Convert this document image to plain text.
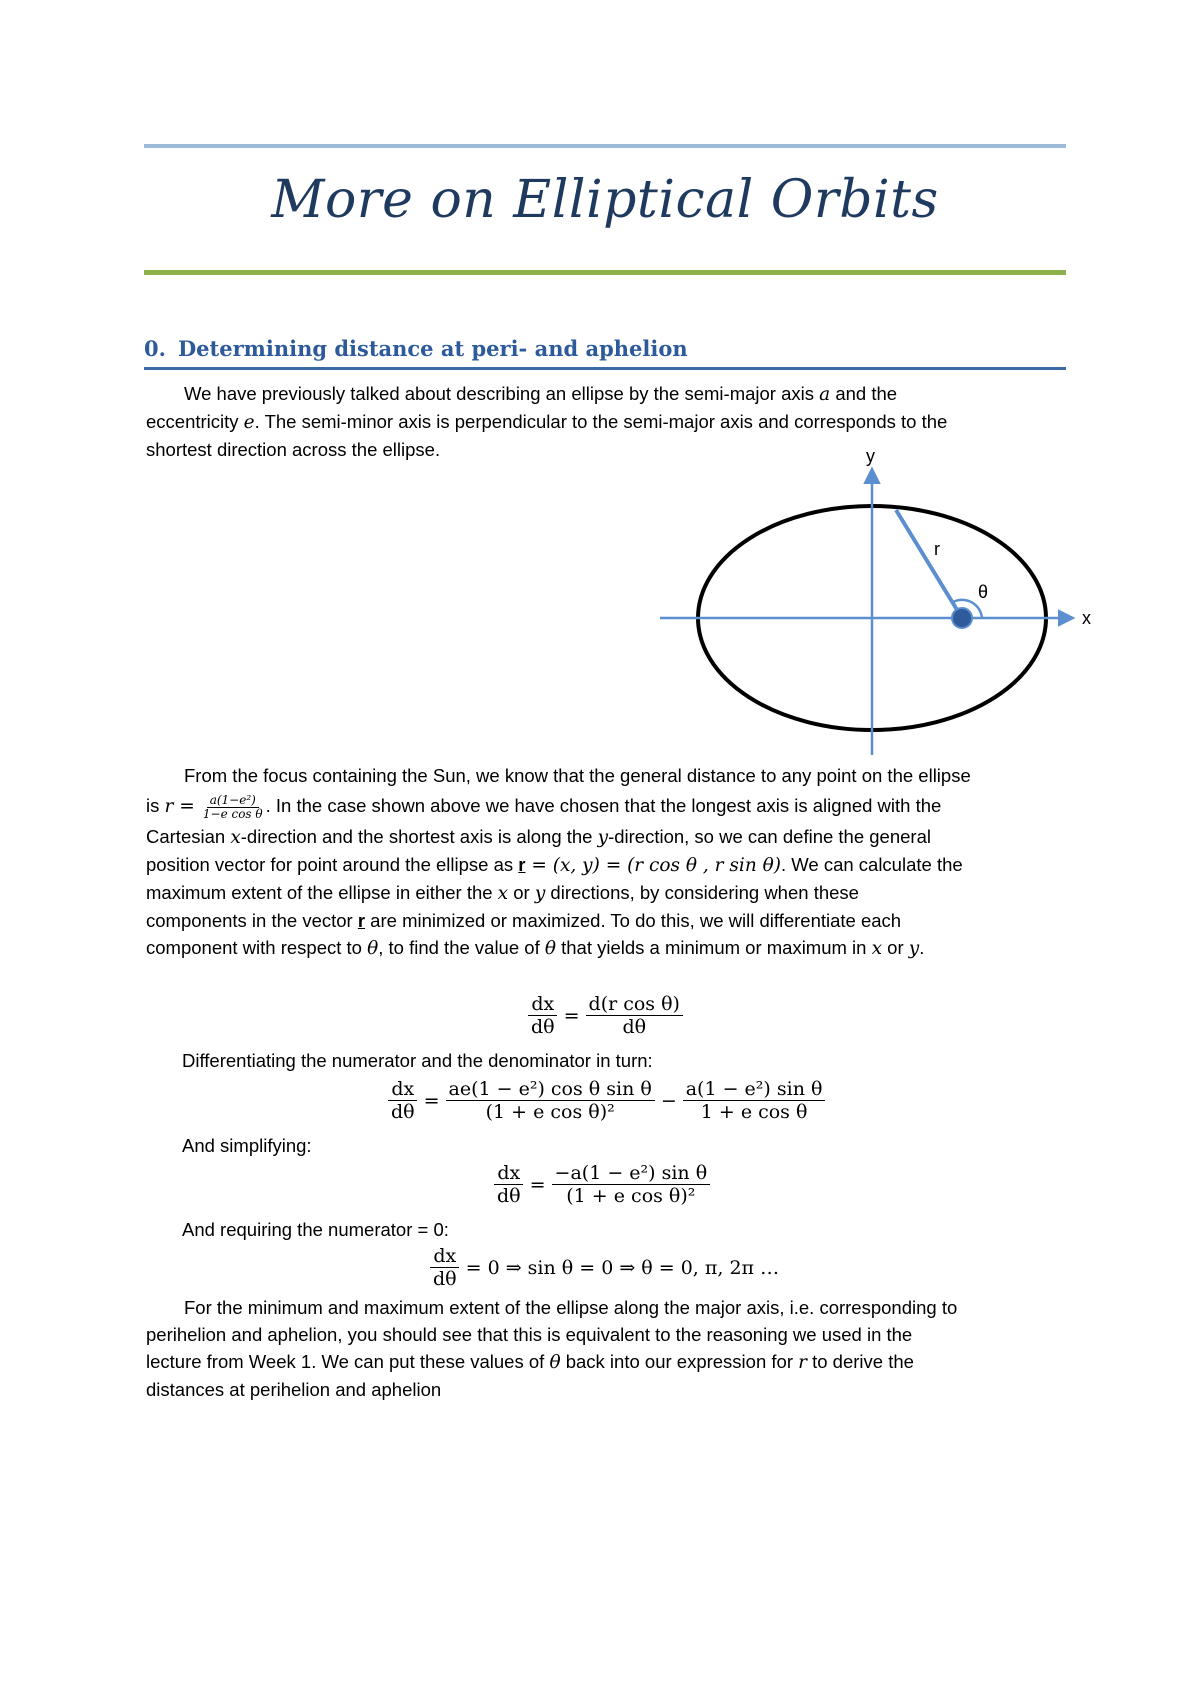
More on Elliptical Orbits
0. Determining distance at peri- and aphelion
We have previously talked about describing an ellipse by the semi-major axis a and the
eccentricity e. The semi-minor axis is perpendicular to the semi-major axis and corresponds to the
shortest direction across the ellipse.	y
x
r
θ
From the focus containing the Sun, we know that the general distance to any point on the ellipse
is $r = \frac{\text{a(1−e²)}}{\text{1−e cos θ}}$ . In the case shown above we have chosen that the longest axis is aligned with the
Cartesian x-direction and the shortest axis is along the y-direction, so we can define the general
position vector for point around the ellipse as r = (x, y) = (r cos θ , r sin θ). We can calculate the
maximum extent of the ellipse in either the x or y directions, by considering when these
components in the vector r are minimized or maximized. To do this, we will differentiate each
component with respect to θ, to find the value of θ that yields a minimum or maximum in x or y.
$\frac{dx}{d\theta} = \frac{\text{d(r cos θ)}}{d\theta}$
Differentiating the numerator and the denominator in turn:
$\frac{dx}{d\theta} = \frac{\text{ae(1 − e²) cos θ sin θ}}{\text{(1 + e cos θ)²}} - \frac{\text{a(1 − e²) sin θ}}{\text{1 + e cos θ}}$
And simplifying:
$\frac{dx}{d\theta} = \frac{\text{−a(1 − e²) sin θ}}{\text{(1 + e cos θ)²}}$
And requiring the numerator = 0:
$\frac{dx}{d\theta} = 0$ ⇒ sin θ = 0 ⇒ θ = 0, π, 2π …
For the minimum and maximum extent of the ellipse along the major axis, i.e. corresponding to
perihelion and aphelion, you should see that this is equivalent to the reasoning we used in the
lecture from Week 1. We can put these values of θ back into our expression for r to derive the
distances at perihelion and aphelion
